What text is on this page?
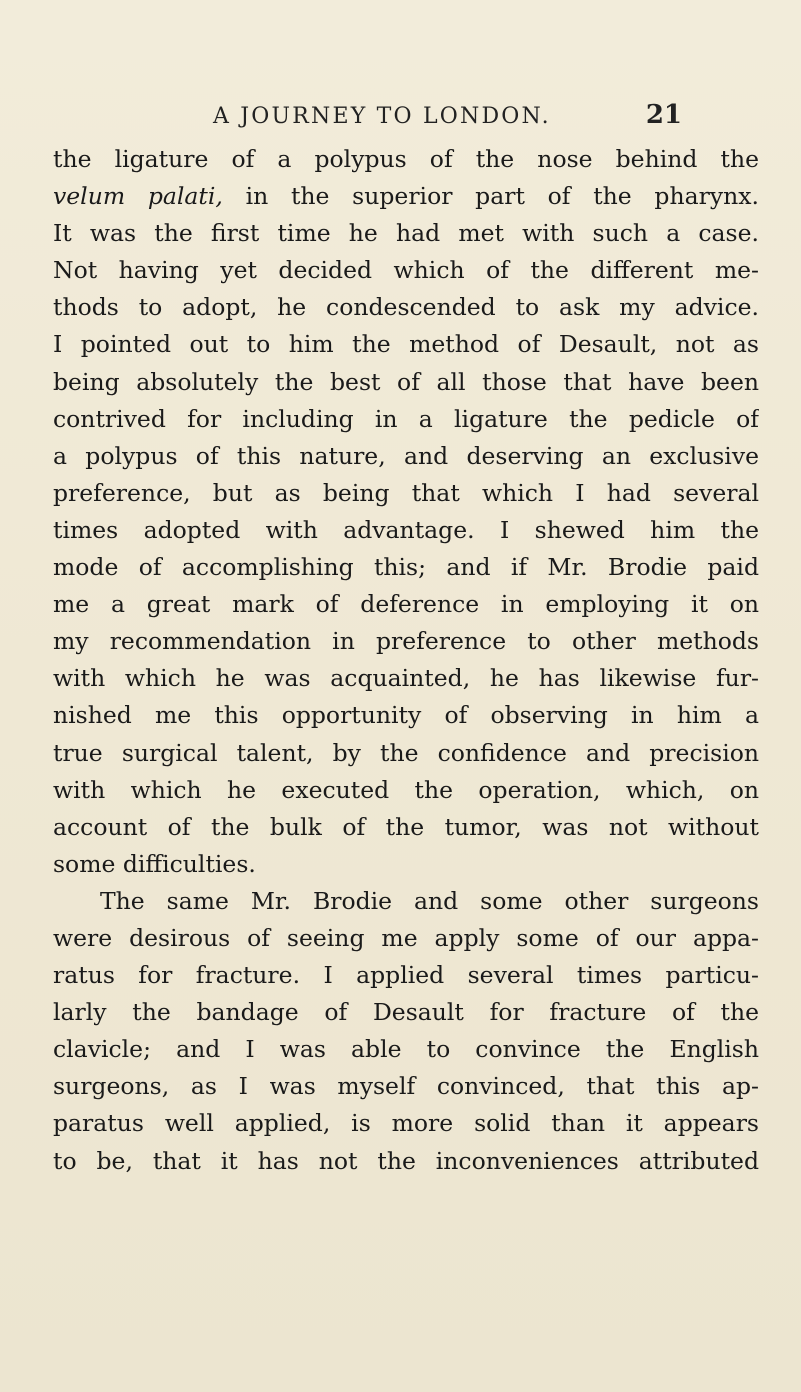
A JOURNEY TO LONDON.	21
the ligature of a polypus of the nose behind the
velum palati, in the superior part of the pharynx.
It was the first time he had met with such a case.
Not having yet decided which of the different me-
thods to adopt, he condescended to ask my advice.
I pointed out to him the method of Desault, not as
being absolutely the best of all those that have been
contrived for including in a ligature the pedicle of
a polypus of this nature, and deserving an exclusive
preference, but as being that which I had several
times adopted with advantage. I shewed him the
mode of accomplishing this; and if Mr. Brodie paid
me a great mark of deference in employing it on
my recommendation in preference to other methods
with which he was acquainted, he has likewise fur-
nished me this opportunity of observing in him a
true surgical talent, by the confidence and precision
with which he executed the operation, which, on
account of the bulk of the tumor, was not without
some difficulties.
The same Mr. Brodie and some other surgeons
were desirous of seeing me apply some of our appa-
ratus for fracture. I applied several times particu-
larly the bandage of Desault for fracture of the
clavicle; and I was able to convince the English
surgeons, as I was myself convinced, that this ap-
paratus well applied, is more solid than it appears
to be, that it has not the inconveniences attributed
